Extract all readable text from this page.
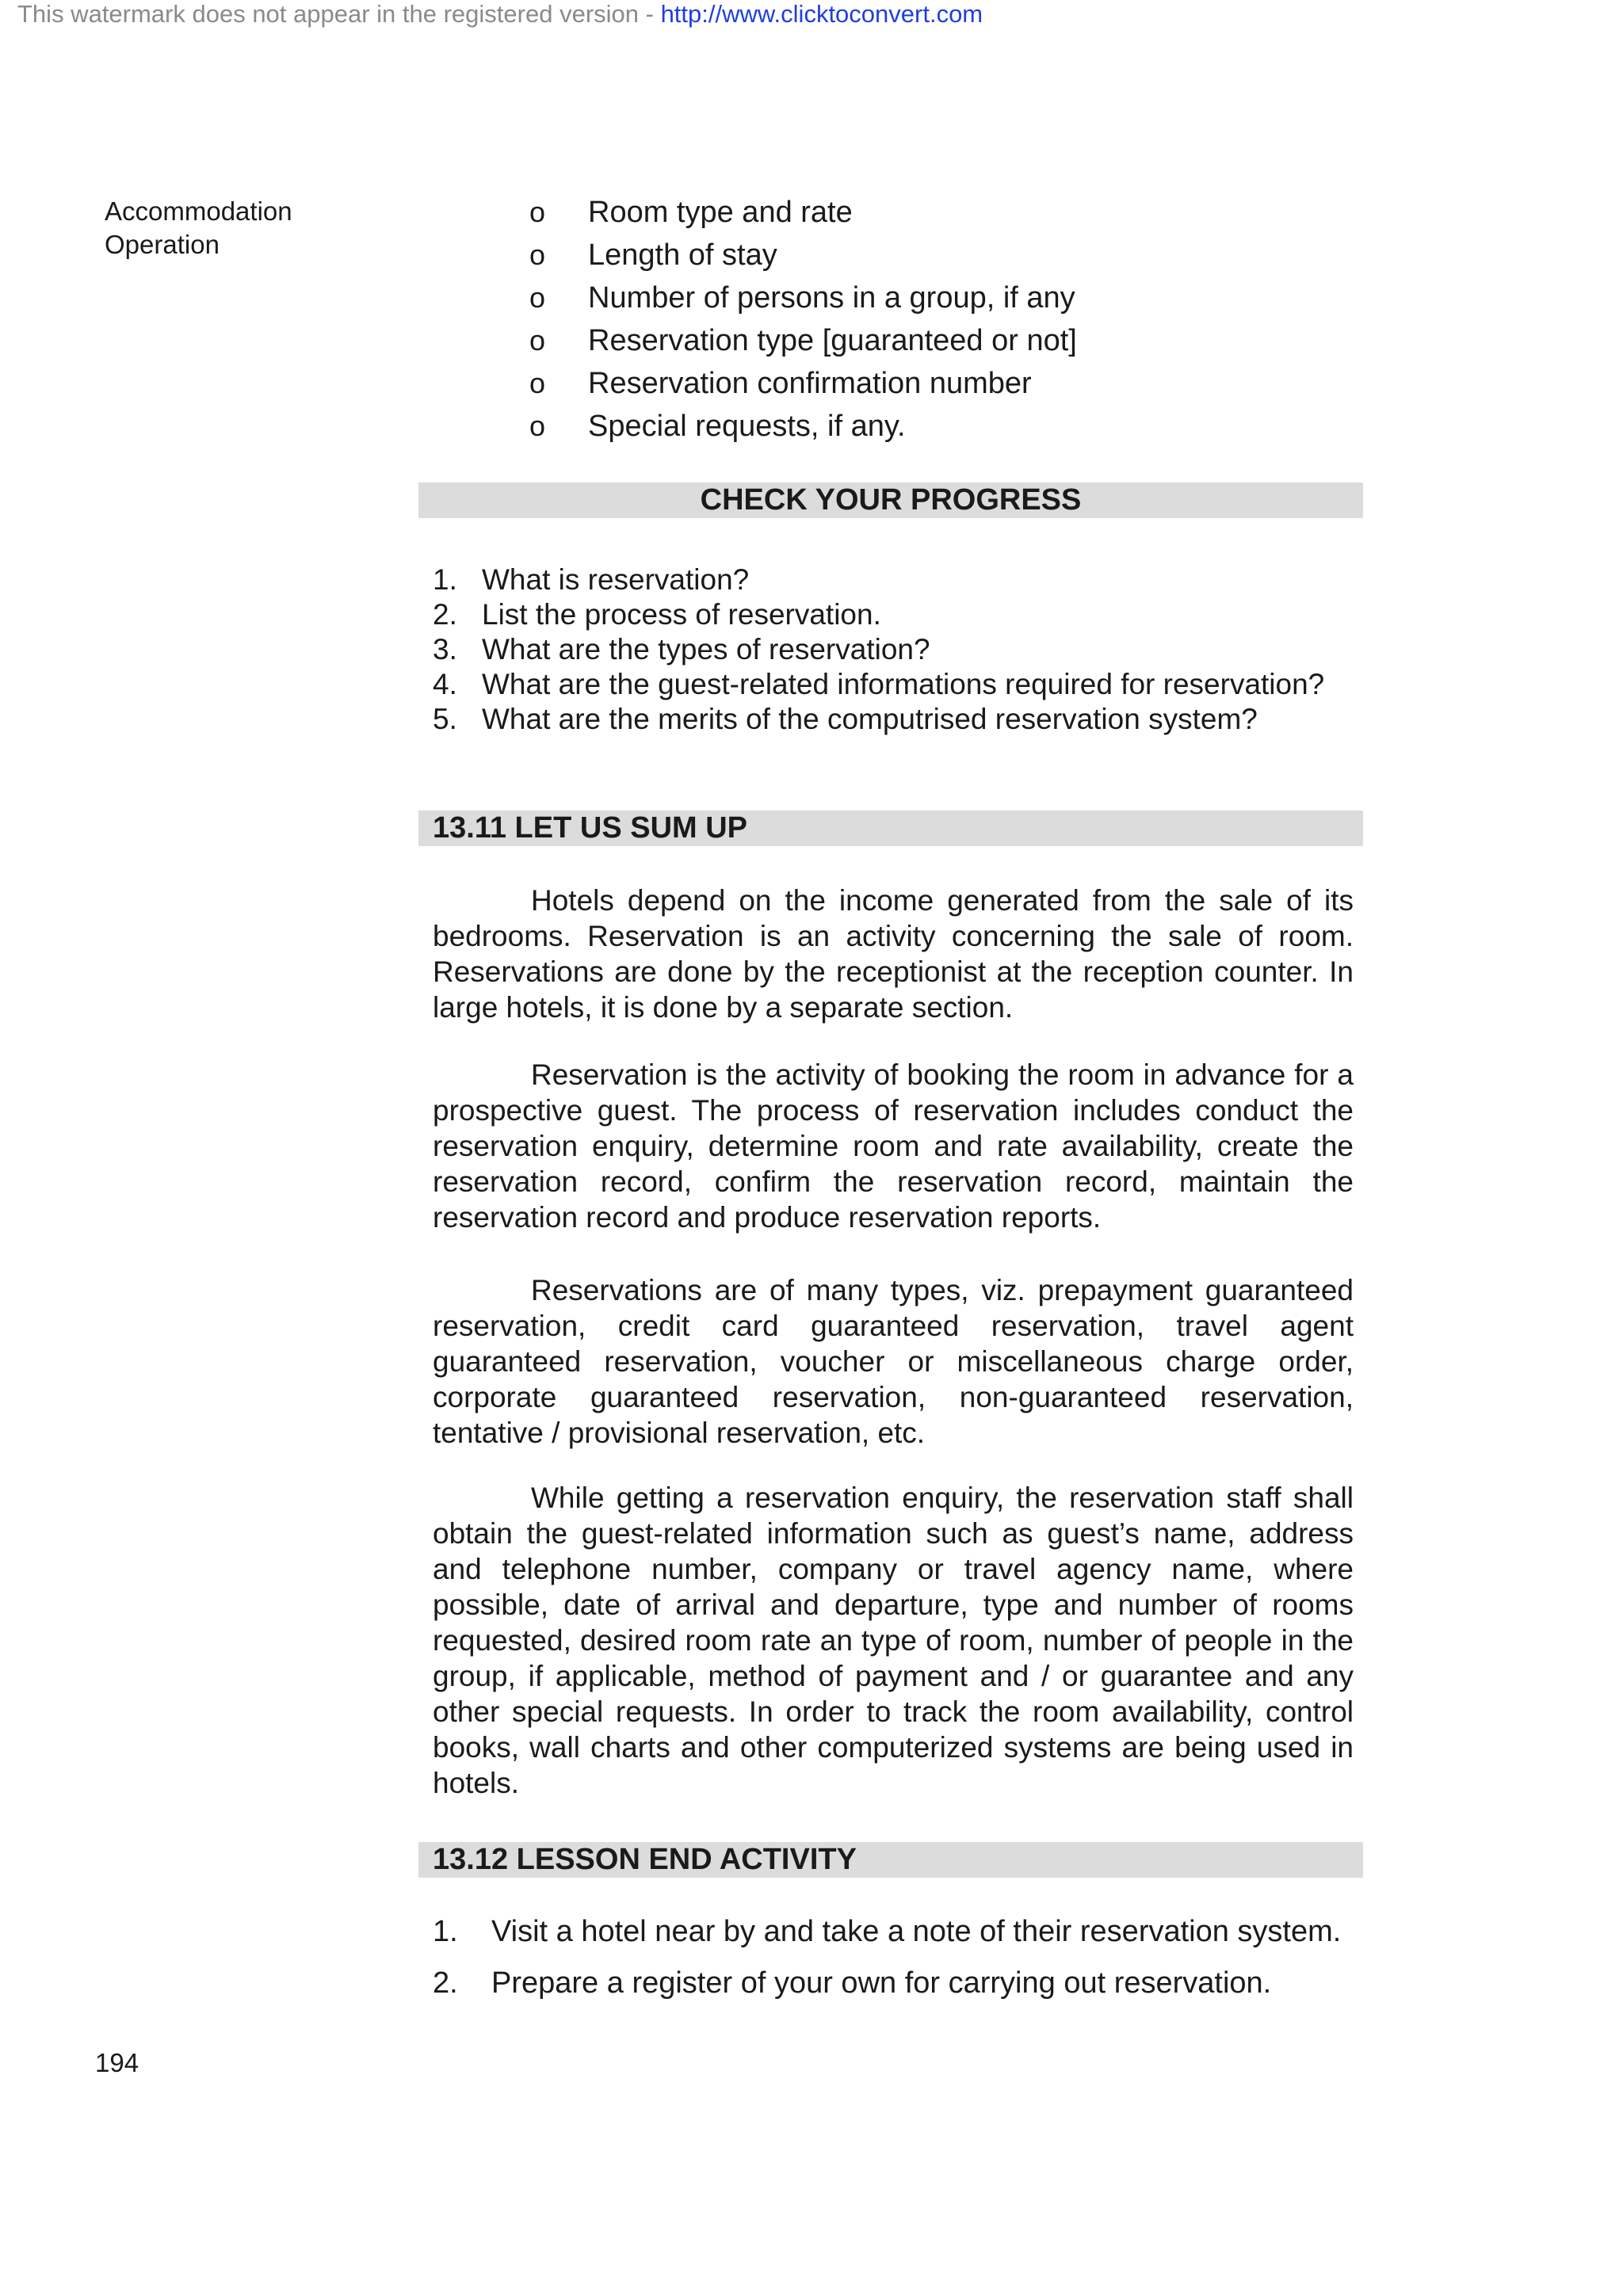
This watermark does not appear in the registered version - http://www.clicktoconvert.com
Accommodation
Operation
o Room type and rate
o Length of stay
o Number of persons in a group, if any
o Reservation type [guaranteed or not]
o Reservation confirmation number
o Special requests, if any.
CHECK YOUR PROGRESS
1. What is reservation?
2. List the process of reservation.
3. What are the types of reservation?
4. What are the guest-related informations required for reservation?
5. What are the merits of the computrised reservation system?
13.11 LET US SUM UP

Hotels depend on the income generated from the sale of its bedrooms. Reservation is an activity concerning the sale of room. Reservations are done by the receptionist at the reception counter. In large hotels, it is done by a separate section.

Reservation is the activity of booking the room in advance for a prospective guest. The process of reservation includes conduct the reservation enquiry, determine room and rate availability, create the reservation record, confirm the reservation record, maintain the reservation record and produce reservation reports.

Reservations are of many types, viz. prepayment guaranteed reservation, credit card guaranteed reservation, travel agent guaranteed reservation, voucher or miscellaneous charge order, corporate guaranteed reservation, non-guaranteed reservation, tentative / provisional reservation, etc.

While getting a reservation enquiry, the reservation staff shall obtain the guest-related information such as guest’s name, address and telephone number, company or travel agency name, where possible, date of arrival and departure, type and number of rooms requested, desired room rate an type of room, number of people in the group, if applicable, method of payment and / or guarantee and any other special requests. In order to track the room availability, control books, wall charts and other computerized systems are being used in hotels.

13.12 LESSON END ACTIVITY
1. Visit a hotel near by and take a note of their reservation system.
2. Prepare a register of your own for carrying out reservation.
194
